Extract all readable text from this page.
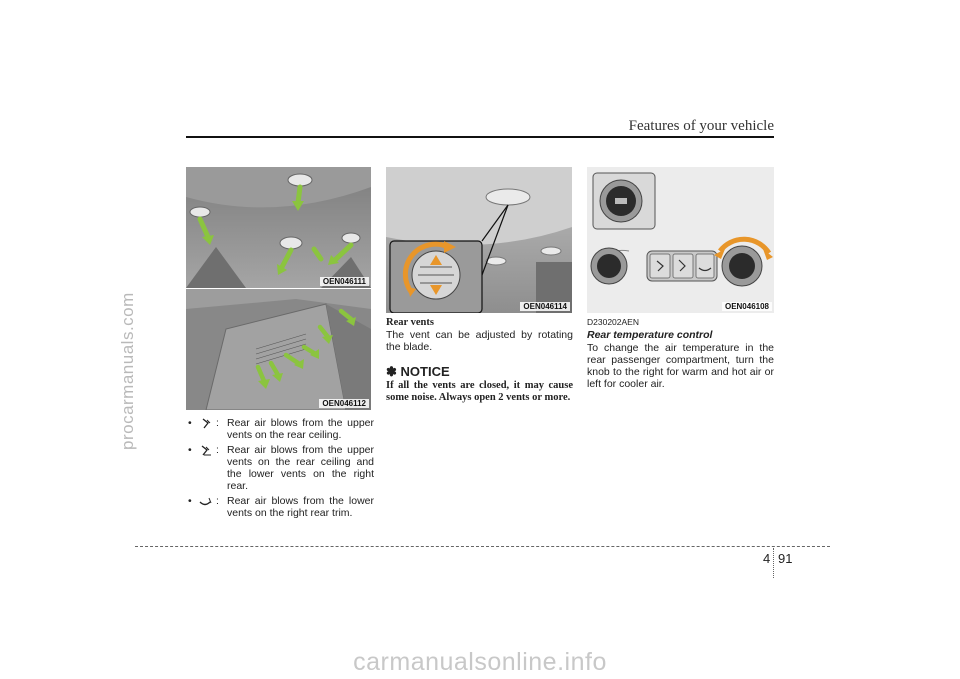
procarmanuals.com
carmanualsonline.info
Features of your vehicle
OEN046111
OEN046112
• : Rear air blows from the upper vents on the rear ceiling.
• : Rear air blows from the upper vents on the rear ceiling and the lower vents on the right rear.
• : Rear air blows from the lower vents on the right rear trim.
OEN046114
Rear vents
The vent can be adjusted by rotating the blade.
✽ NOTICE
If all the vents are closed, it may cause some noise. Always open 2 vents or more.
OEN046108
D230202AEN
Rear temperature control
To change the air temperature in the rear passenger compartment, turn the knob to the right for warm and hot air or left for cooler air.
4 91
